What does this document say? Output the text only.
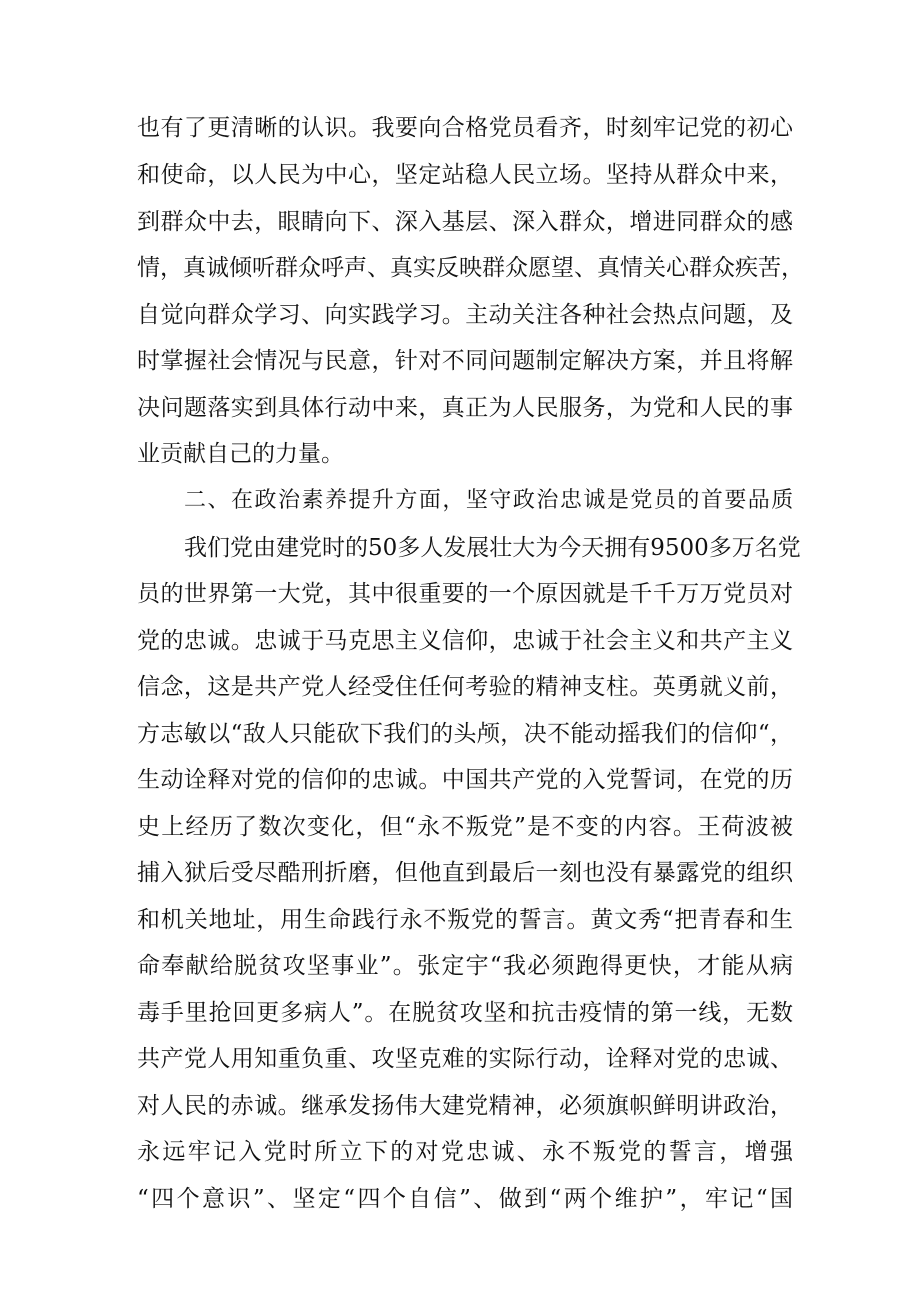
也有了更清晰的认识。我要向合格党员看齐，时刻牢记党的初心
和使命，以人民为中心，坚定站稳人民立场。坚持从群众中来，
到群众中去，眼睛向下、深入基层、深入群众，增进同群众的感
情，真诚倾听群众呼声、真实反映群众愿望、真情关心群众疾苦，
自觉向群众学习、向实践学习。主动关注各种社会热点问题，及
时掌握社会情况与民意，针对不同问题制定解决方案，并且将解
决问题落实到具体行动中来，真正为人民服务，为党和人民的事
业贡献自己的力量。
二、在政治素养提升方面，坚守政治忠诚是党员的首要品质
我们党由建党时的50多人发展壮大为今天拥有9500多万名党
员的世界第一大党，其中很重要的一个原因就是千千万万党员对
党的忠诚。忠诚于马克思主义信仰，忠诚于社会主义和共产主义
信念，这是共产党人经受住任何考验的精神支柱。英勇就义前，
方志敏以“敌人只能砍下我们的头颅，决不能动摇我们的信仰“，
生动诠释对党的信仰的忠诚。中国共产党的入党誓词，在党的历
史上经历了数次变化，但“永不叛党”是不变的内容。王荷波被
捕入狱后受尽酷刑折磨，但他直到最后一刻也没有暴露党的组织
和机关地址，用生命践行永不叛党的誓言。黄文秀“把青春和生
命奉献给脱贫攻坚事业”。张定宇“我必须跑得更快，才能从病
毒手里抢回更多病人”。在脱贫攻坚和抗击疫情的第一线，无数
共产党人用知重负重、攻坚克难的实际行动，诠释对党的忠诚、
对人民的赤诚。继承发扬伟大建党精神，必须旗帜鲜明讲政治，
永远牢记入党时所立下的对党忠诚、永不叛党的誓言，增强
“四个意识”、坚定“四个自信”、做到“两个维护”，牢记“国
